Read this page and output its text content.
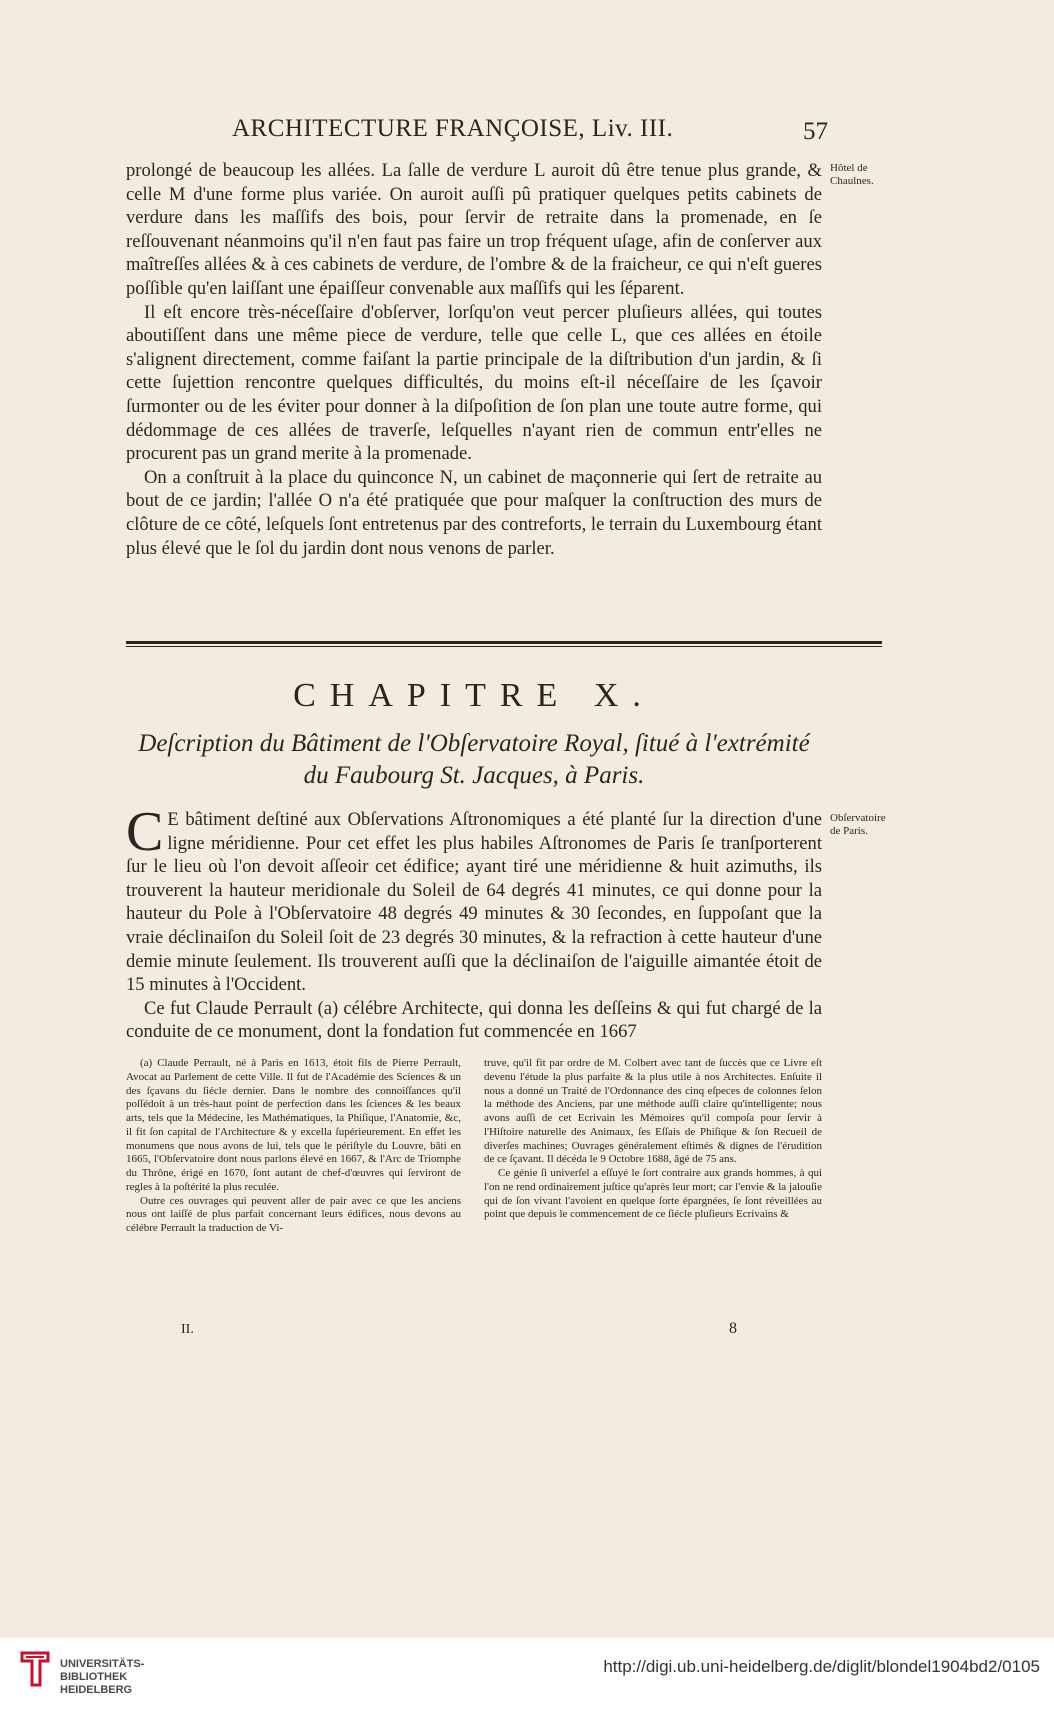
ARCHITECTURE FRANÇOISE, Liv. III.	57
Hôtel de Chaulnes.

prolongé de beaucoup les allées. La ſalle de verdure L auroit dû être tenue plus grande, & celle M d'une forme plus variée. On auroit auſſi pû pratiquer quelques petits cabinets de verdure dans les maſſifs des bois, pour ſervir de retraite dans la promenade, en ſe reſſouvenant néanmoins qu'il n'en faut pas faire un trop fréquent uſage, afin de conſerver aux maîtreſſes allées & à ces cabinets de verdure, de l'ombre & de la fraicheur, ce qui n'eſt gueres poſſible qu'en laiſſant une épaiſſeur convenable aux maſſifs qui les ſéparent.

Il eſt encore très-néceſſaire d'obſerver, lorſqu'on veut percer pluſieurs allées, qui toutes aboutiſſent dans une même piece de verdure, telle que celle L, que ces allées en étoile s'alignent directement, comme faiſant la partie principale de la diſtribution d'un jardin, & ſi cette ſujettion rencontre quelques difficultés, du moins eſt-il néceſſaire de les ſçavoir ſurmonter ou de les éviter pour donner à la diſpoſition de ſon plan une toute autre forme, qui dédommage de ces allées de traverſe, leſquelles n'ayant rien de commun entr'elles ne procurent pas un grand merite à la promenade.

On a conſtruit à la place du quinconce N, un cabinet de maçonnerie qui ſert de retraite au bout de ce jardin; l'allée O n'a été pratiquée que pour maſquer la conſtruction des murs de clôture de ce côté, leſquels ſont entretenus par des contreforts, le terrain du Luxembourg étant plus élevé que le ſol du jardin dont nous venons de parler.

CHAPITRE X.
Deſcription du Bâtiment de l'Obſervatoire Royal, ſitué à l'extrémité
du Faubourg St. Jacques, à Paris.
Obſervatoire de Paris.

C E bâtiment deſtiné aux Obſervations Aſtronomiques a été planté ſur la direction d'une ligne méridienne. Pour cet effet les plus habiles Aſtronomes de Paris ſe tranſporterent ſur le lieu où l'on devoit aſſeoir cet édifice; ayant tiré une méridienne & huit azimuths, ils trouverent la hauteur meridionale du Soleil de 64 degrés 41 minutes, ce qui donne pour la hauteur du Pole à l'Obſervatoire 48 degrés 49 minutes & 30 ſecondes, en ſuppoſant que la vraie déclinaiſon du Soleil ſoit de 23 degrés 30 minutes, & la refraction à cette hauteur d'une demie minute ſeulement. Ils trouverent auſſi que la déclinaiſon de l'aiguille aimantée étoit de 15 minutes à l'Occident.

Ce fut Claude Perrault (a) célébre Architecte, qui donna les deſſeins & qui fut chargé de la conduite de ce monument, dont la fondation fut commencée en 1667

(a) Claude Perrault, né à Paris en 1613, étoit fils de Pierre Perrault, Avocat au Parlement de cette Ville. Il fut de l'Académie des Sciences & un des ſçavans du ſiécle dernier. Dans le nombre des connoiſſances qu'il poſſédoit à un très-haut point de perfection dans les ſciences & les beaux arts, tels que la Médecine, les Mathématiques, la Phiſique, l'Anatomie, &c, il fit ſon capital de l'Architecture & y excella ſupérieurement. En effet les monumens que nous avons de lui, tels que le périſtyle du Louvre, bâti en 1665, l'Obſervatoire dont nous parlons élevé en 1667, & l'Arc de Triomphe du Thrône, érigé en 1670, ſont autant de chef-d'œuvres qui ſerviront de regles à la poſtérité la plus reculée.

Outre ces ouvrages qui peuvent aller de pair avec ce que les anciens nous ont laiſſé de plus parfait concernant leurs édifices, nous devons au célébre Perrault la traduction de Vi-

truve, qu'il fit par ordre de M. Colbert avec tant de ſuccès que ce Livre eſt devenu l'étude la plus parfaite & la plus utile à nos Architectes. Enſuite il nous a donné un Traité de l'Ordonnance des cinq eſpeces de colonnes ſelon la méthode des Anciens, par une méthode auſſi claire qu'intelligente; nous avons auſſi de cet Ecrivain les Mémoires qu'il compoſa pour ſervir à l'Hiſtoire naturelle des Animaux, ſes Eſſais de Phiſique & ſon Recueil de diverſes machines; Ouvrages généralement eſtimés & dignes de l'érudition de ce ſçavant. Il décéda le 9 Octobre 1688, âgé de 75 ans.

Ce génie ſi univerſel a eſſuyé le ſort contraire aux grands hommes, à qui l'on ne rend ordinairement juſtice qu'après leur mort; car l'envie & la jalouſie qui de ſon vivant l'avoient en quelque ſorte épargnées, ſe ſont réveillées au point que depuis le commencement de ce ſiécle pluſieurs Ecrivains &

II.	8
UNIVERSITÄTS-
BIBLIOTHEK
HEIDELBERG
http://digi.ub.uni-heidelberg.de/diglit/blondel1904bd2/0105
